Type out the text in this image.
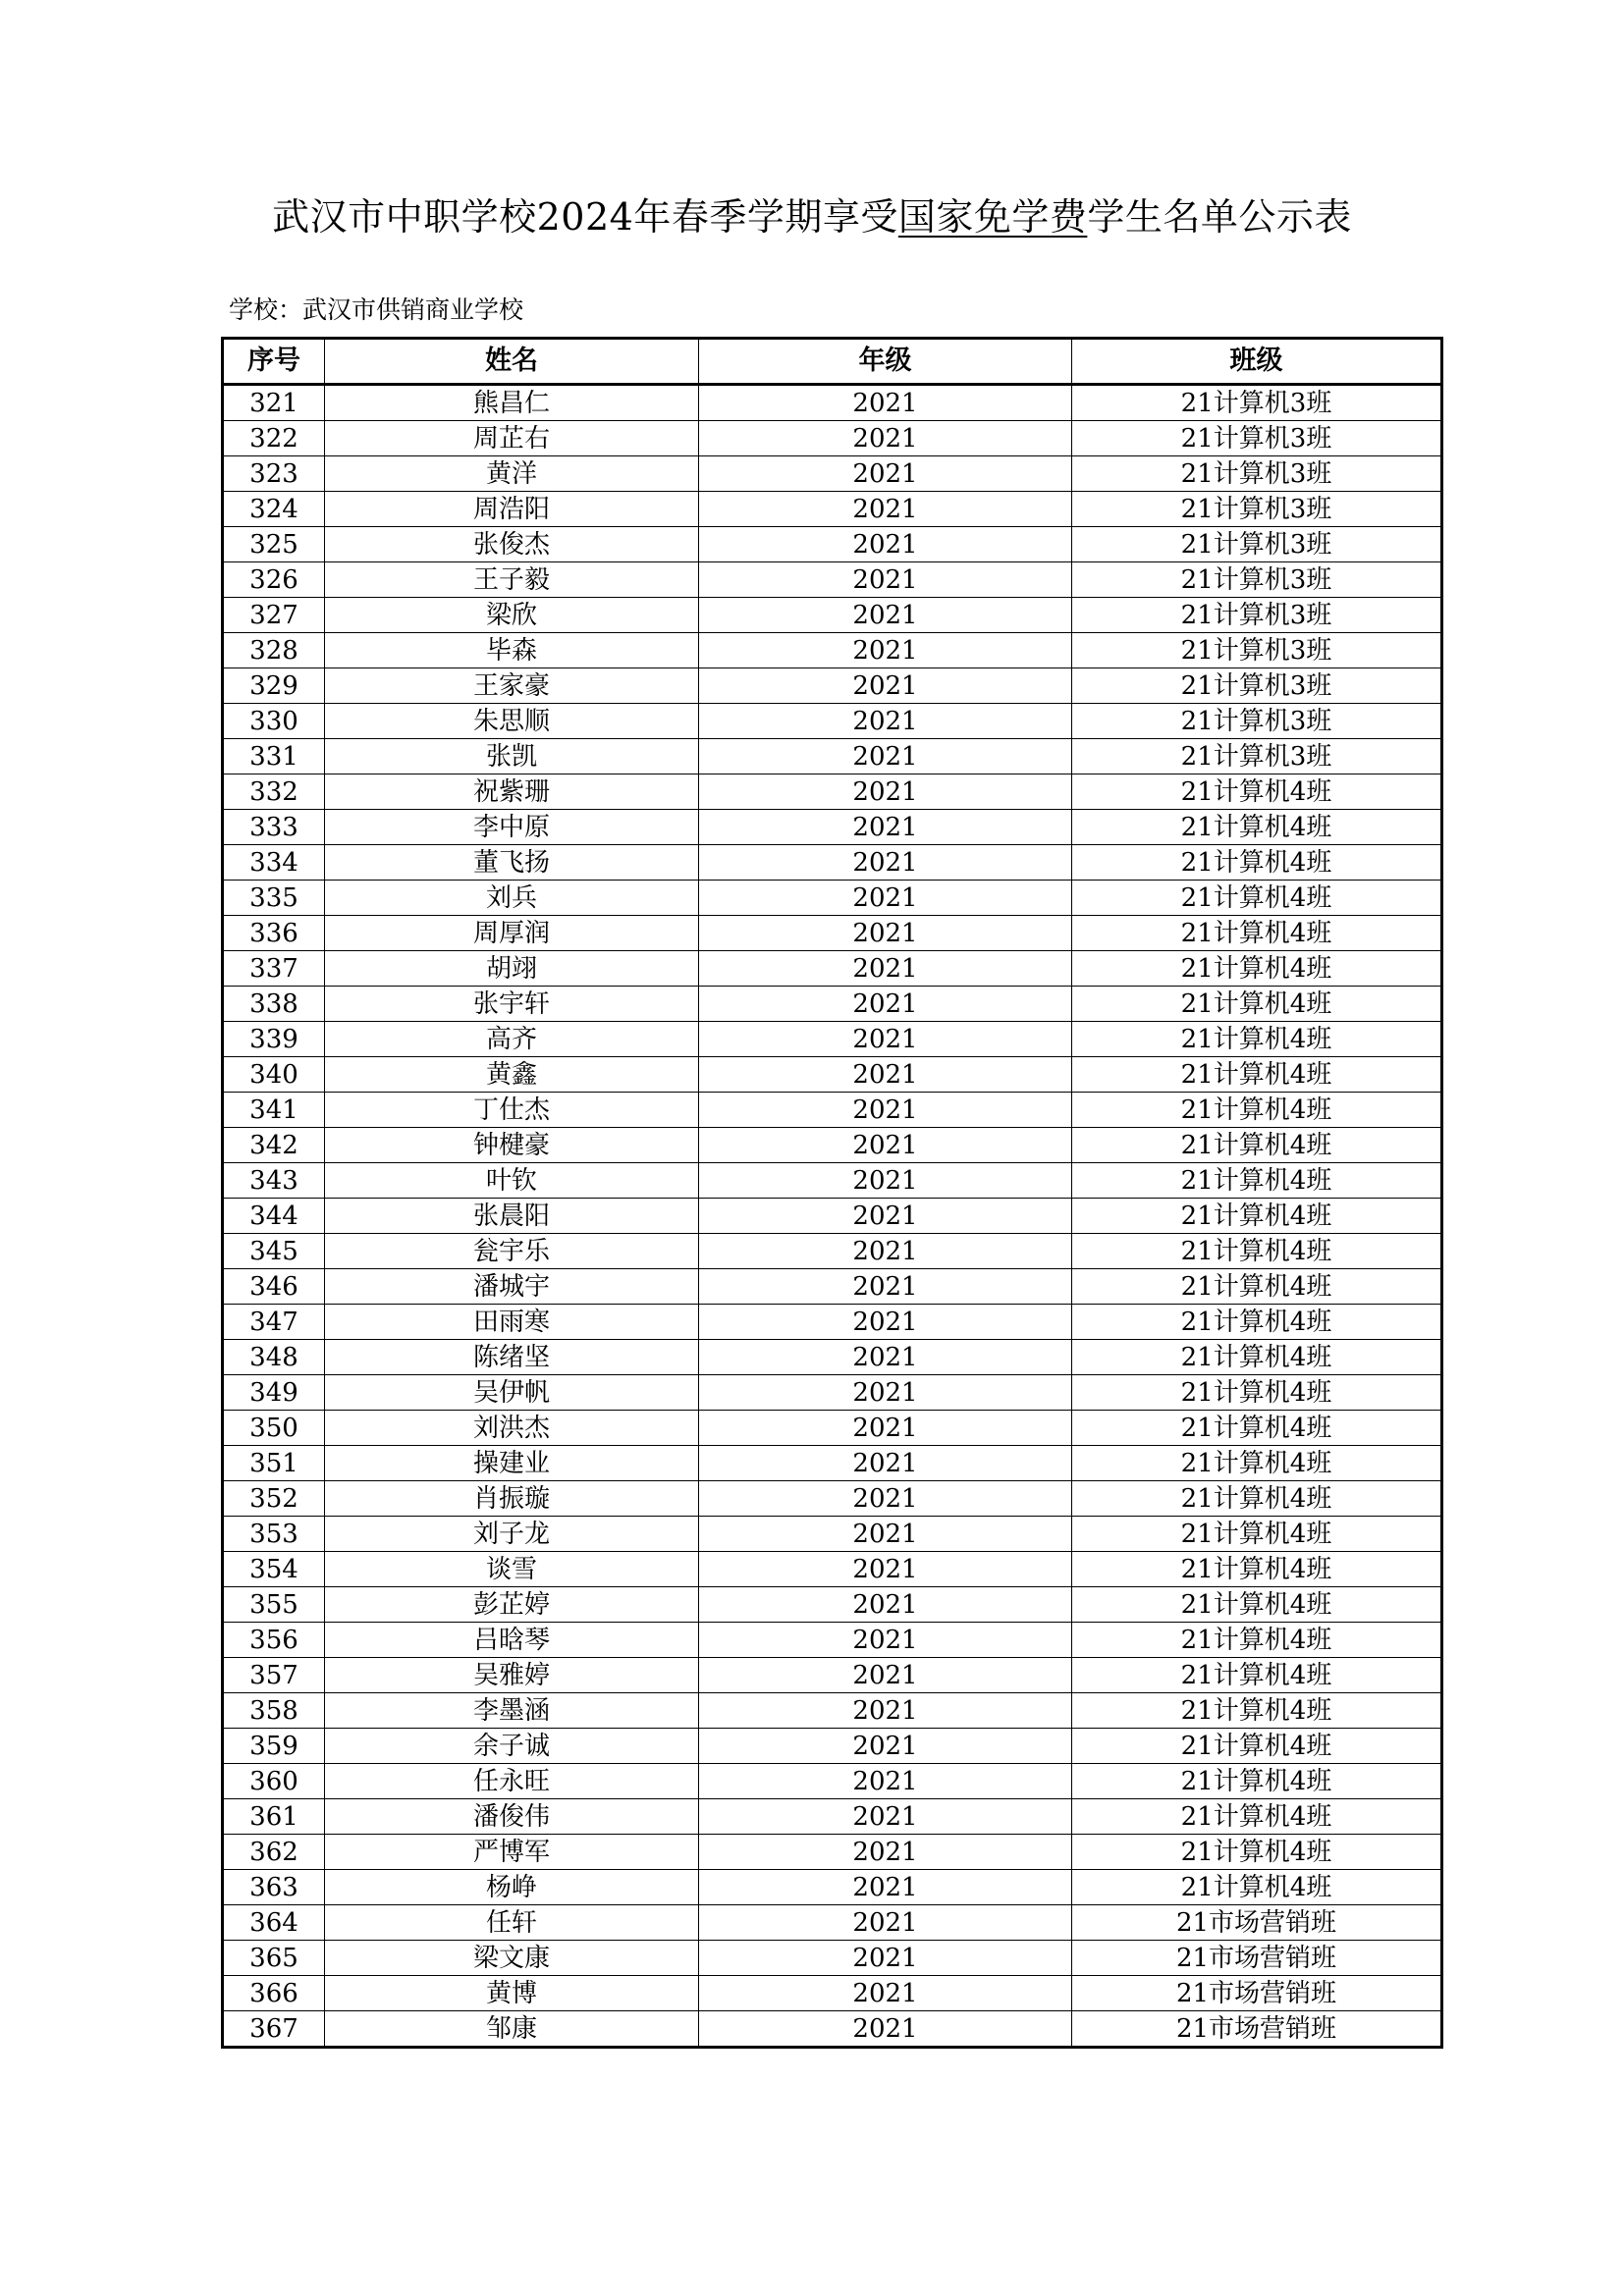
武汉市中职学校2024年春季学期享受国家免学费学生名单公示表
学校：武汉市供销商业学校
序号	姓名	年级	班级
321	熊昌仁	2021	21计算机3班
322	周芷右	2021	21计算机3班
323	黄洋	2021	21计算机3班
324	周浩阳	2021	21计算机3班
325	张俊杰	2021	21计算机3班
326	王子毅	2021	21计算机3班
327	梁欣	2021	21计算机3班
328	毕森	2021	21计算机3班
329	王家豪	2021	21计算机3班
330	朱思顺	2021	21计算机3班
331	张凯	2021	21计算机3班
332	祝紫珊	2021	21计算机4班
333	李中原	2021	21计算机4班
334	董飞扬	2021	21计算机4班
335	刘兵	2021	21计算机4班
336	周厚润	2021	21计算机4班
337	胡翊	2021	21计算机4班
338	张宇轩	2021	21计算机4班
339	高齐	2021	21计算机4班
340	黄鑫	2021	21计算机4班
341	丁仕杰	2021	21计算机4班
342	钟楗豪	2021	21计算机4班
343	叶钦	2021	21计算机4班
344	张晨阳	2021	21计算机4班
345	瓮宇乐	2021	21计算机4班
346	潘城宇	2021	21计算机4班
347	田雨寒	2021	21计算机4班
348	陈绪坚	2021	21计算机4班
349	吴伊帆	2021	21计算机4班
350	刘洪杰	2021	21计算机4班
351	操建业	2021	21计算机4班
352	肖振璇	2021	21计算机4班
353	刘子龙	2021	21计算机4班
354	谈雪	2021	21计算机4班
355	彭芷婷	2021	21计算机4班
356	吕晗琴	2021	21计算机4班
357	吴雅婷	2021	21计算机4班
358	李墨涵	2021	21计算机4班
359	余子诚	2021	21计算机4班
360	任永旺	2021	21计算机4班
361	潘俊伟	2021	21计算机4班
362	严博军	2021	21计算机4班
363	杨峥	2021	21计算机4班
364	任轩	2021	21市场营销班
365	梁文康	2021	21市场营销班
366	黄博	2021	21市场营销班
367	邹康	2021	21市场营销班
